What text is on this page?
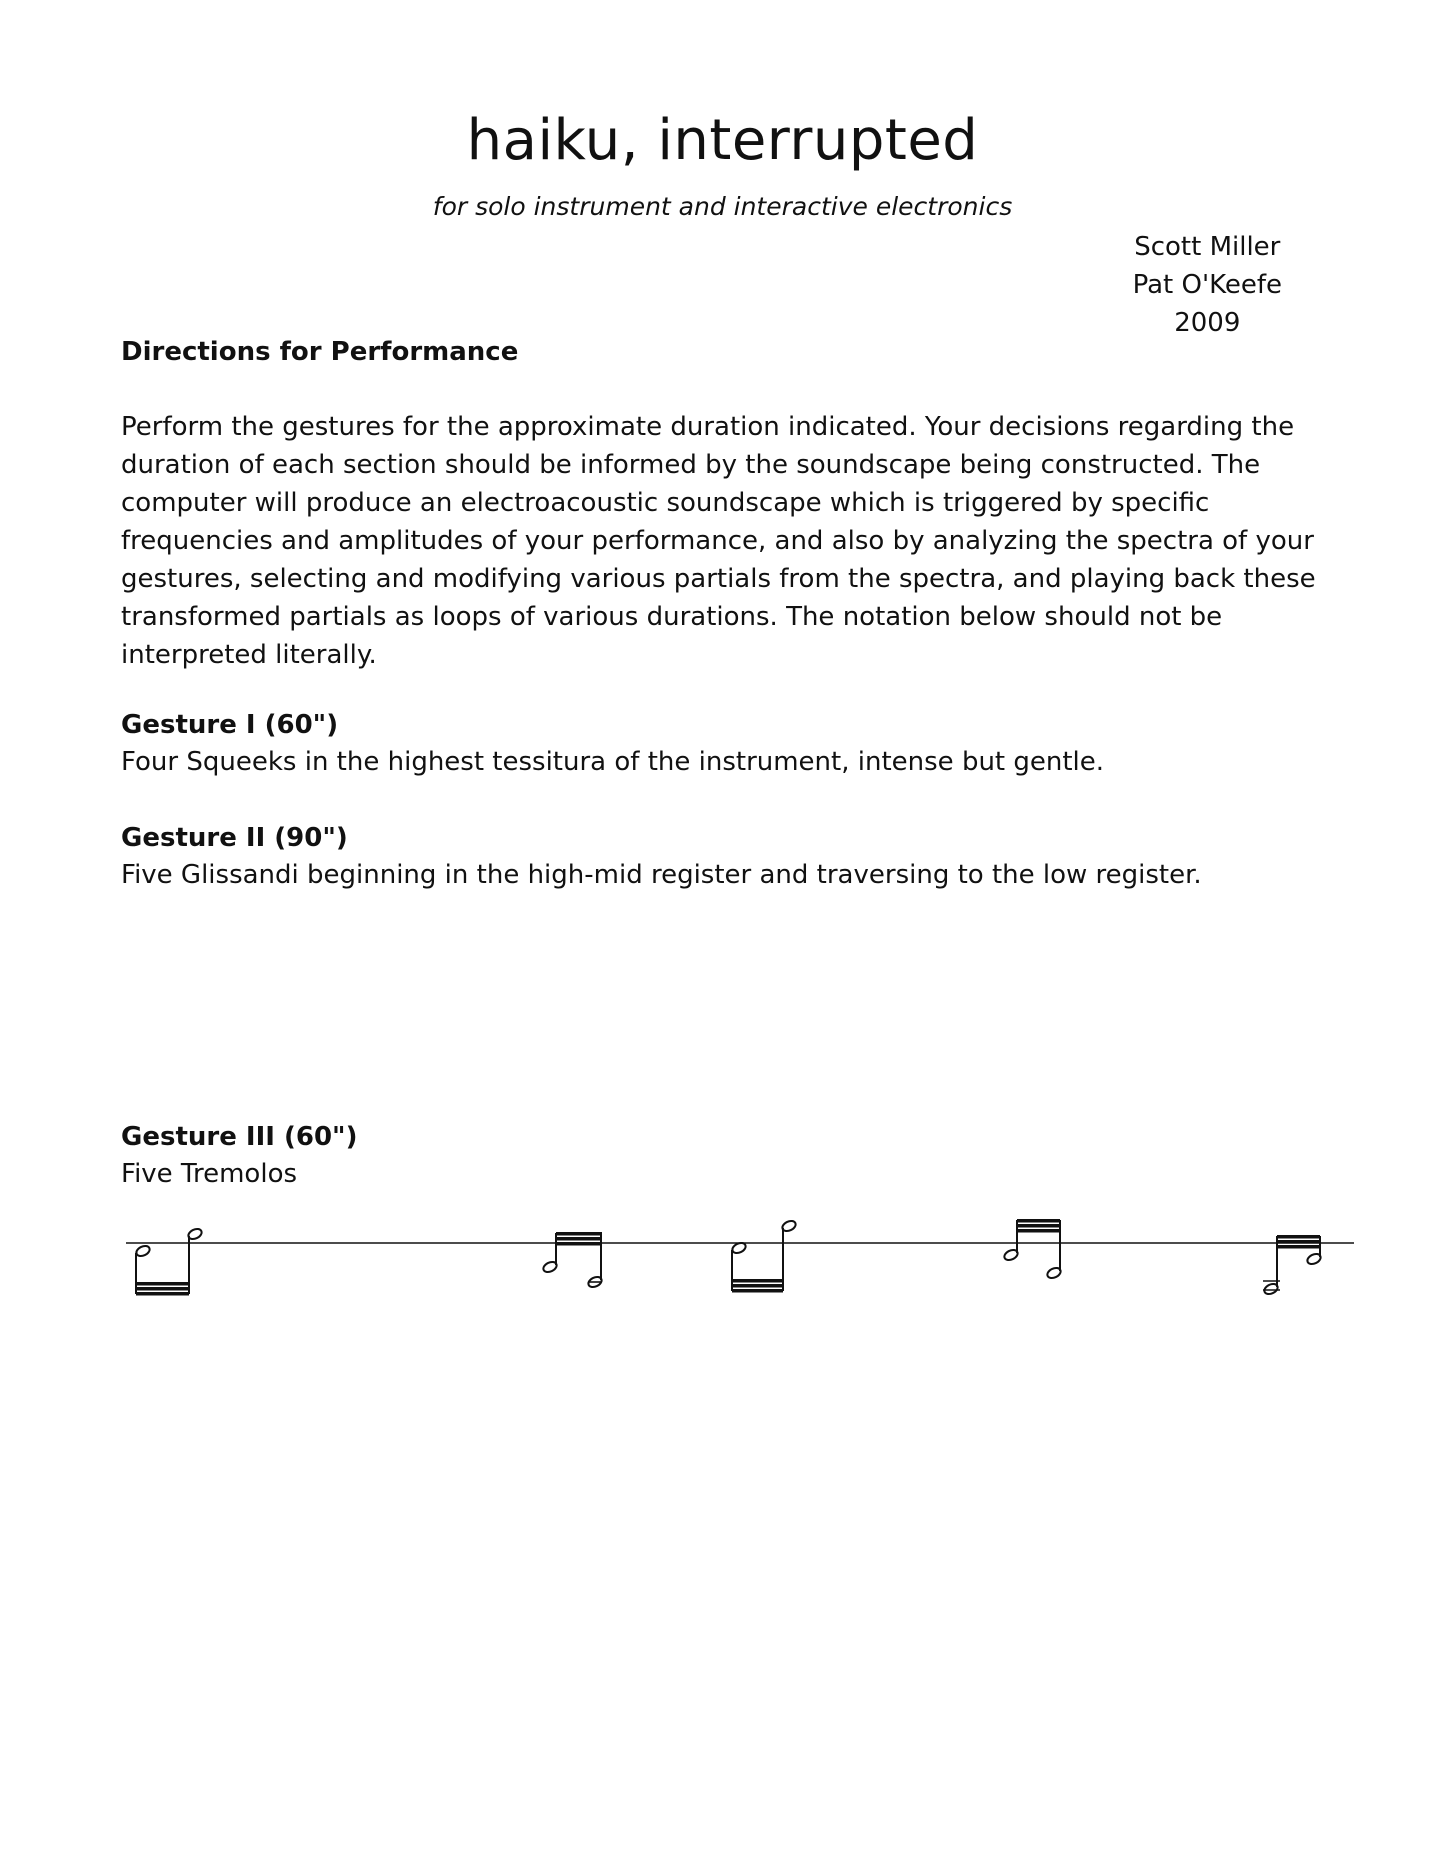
haiku, interrupted

for solo instrument and interactive electronics

Scott Miller
Pat O'Keefe
2009
Directions for Performance

Perform the gestures for the approximate duration indicated. Your decisions regarding the duration of each section should be informed by the soundscape being constructed. The computer will produce an electroacoustic soundscape which is triggered by specific frequencies and amplitudes of your performance, and also by analyzing the spectra of your gestures, selecting and modifying various partials from the spectra, and playing back these transformed partials as loops of various durations. The notation below should not be interpreted literally.

Gesture I (60")

Four Squeeks in the highest tessitura of the instrument, intense but gentle.

Gesture II (90")

Five Glissandi beginning in the high-mid register and traversing to the low register.

Gesture III (60")

Five Tremolos
